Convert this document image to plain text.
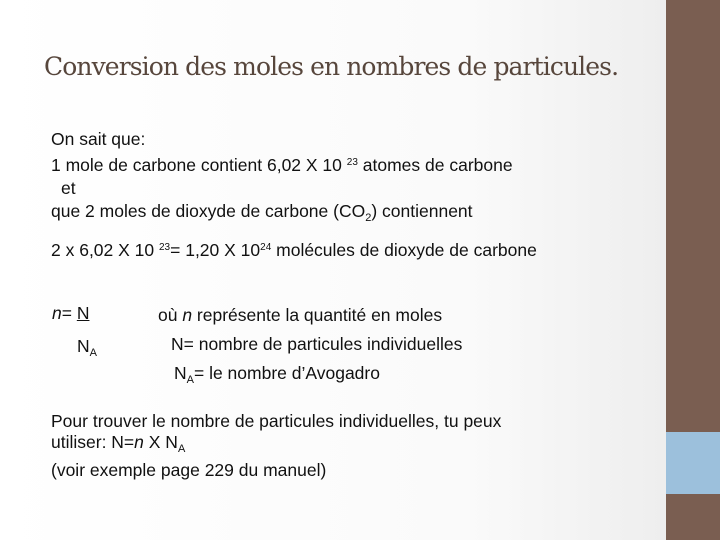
Conversion des moles en nombres de particules.
On sait que:
1 mole de carbone contient 6,02 X 10 $^{23}$ atomes de carbone
et
que 2 moles de dioxyde de carbone $(CO_2)$ contiennent
2 x 6,02 X 10 $^{23}$= 1,20 X $10^{24}$ molécules de dioxyde de carbone
n= N
$N_A$
où n représente la quantité en moles
N= nombre de particules individuelles
$N_A=$ le nombre d’Avogadro
Pour trouver le nombre de particules individuelles, tu peux
utiliser: N=n X $N_A$
(voir exemple page 229 du manuel)
